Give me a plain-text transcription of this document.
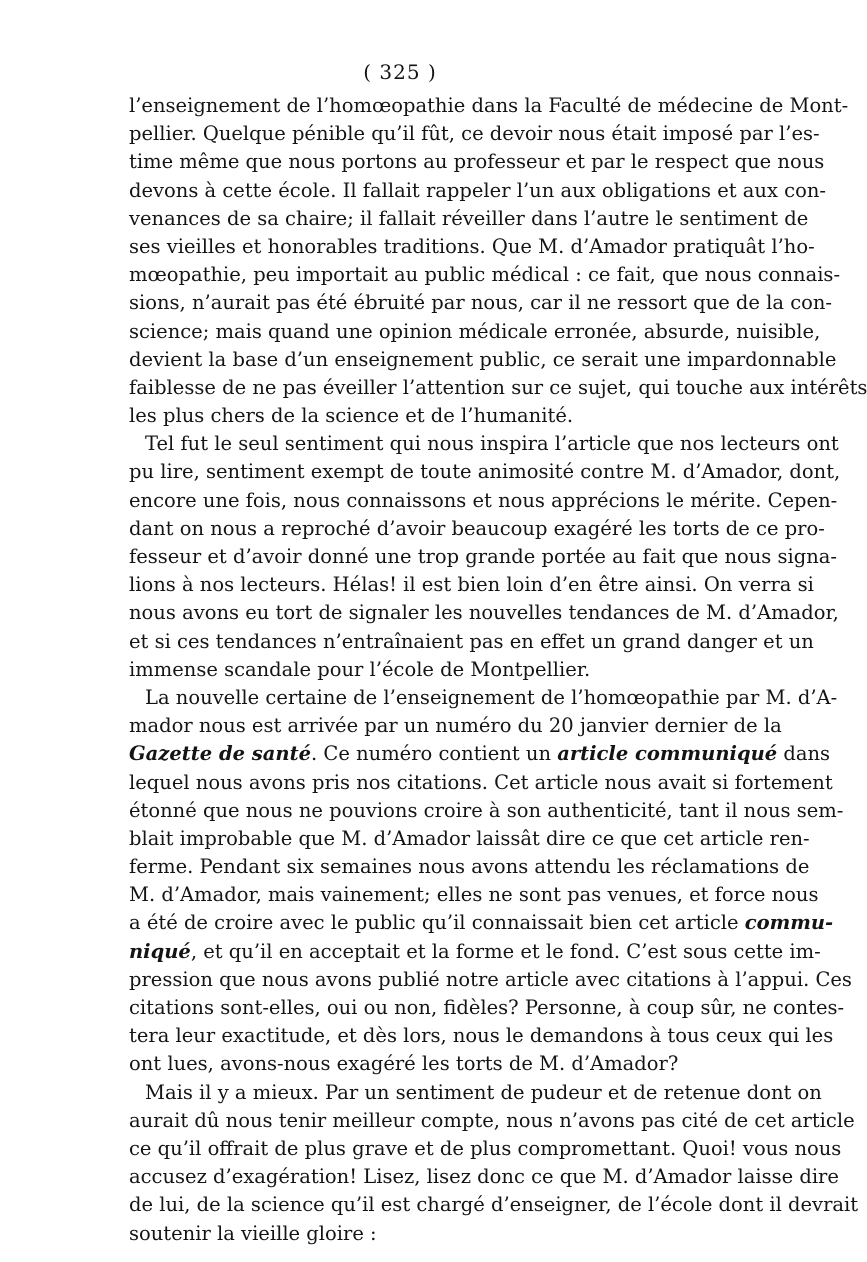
( 325 )
l’enseignement de l’homœopathie dans la Faculté de médecine de Mont-
pellier. Quelque pénible qu’il fût, ce devoir nous était imposé par l’es-
time même que nous portons au professeur et par le respect que nous
devons à cette école. Il fallait rappeler l’un aux obligations et aux con-
venances de sa chaire; il fallait réveiller dans l’autre le sentiment de
ses vieilles et honorables traditions. Que M. d’Amador pratiquât l’ho-
mœopathie, peu importait au public médical : ce fait, que nous connais-
sions, n’aurait pas été ébruité par nous, car il ne ressort que de la con-
science; mais quand une opinion médicale erronée, absurde, nuisible,
devient la base d’un enseignement public, ce serait une impardonnable
faiblesse de ne pas éveiller l’attention sur ce sujet, qui touche aux intérêts
les plus chers de la science et de l’humanité.
Tel fut le seul sentiment qui nous inspira l’article que nos lecteurs ont
pu lire, sentiment exempt de toute animosité contre M. d’Amador, dont,
encore une fois, nous connaissons et nous apprécions le mérite. Cepen-
dant on nous a reproché d’avoir beaucoup exagéré les torts de ce pro-
fesseur et d’avoir donné une trop grande portée au fait que nous signa-
lions à nos lecteurs. Hélas! il est bien loin d’en être ainsi. On verra si
nous avons eu tort de signaler les nouvelles tendances de M. d’Amador,
et si ces tendances n’entraînaient pas en effet un grand danger et un
immense scandale pour l’école de Montpellier.
La nouvelle certaine de l’enseignement de l’homœopathie par M. d’A-
mador nous est arrivée par un numéro du 20 janvier dernier de la
Gazette de santé. Ce numéro contient un article communiqué dans
lequel nous avons pris nos citations. Cet article nous avait si fortement
étonné que nous ne pouvions croire à son authenticité, tant il nous sem-
blait improbable que M. d’Amador laissât dire ce que cet article ren-
ferme. Pendant six semaines nous avons attendu les réclamations de
M. d’Amador, mais vainement; elles ne sont pas venues, et force nous
a été de croire avec le public qu’il connaissait bien cet article commu-
niqué, et qu’il en acceptait et la forme et le fond. C’est sous cette im-
pression que nous avons publié notre article avec citations à l’appui. Ces
citations sont-elles, oui ou non, fidèles? Personne, à coup sûr, ne contes-
tera leur exactitude, et dès lors, nous le demandons à tous ceux qui les
ont lues, avons-nous exagéré les torts de M. d’Amador?
Mais il y a mieux. Par un sentiment de pudeur et de retenue dont on
aurait dû nous tenir meilleur compte, nous n’avons pas cité de cet article
ce qu’il offrait de plus grave et de plus compromettant. Quoi! vous nous
accusez d’exagération! Lisez, lisez donc ce que M. d’Amador laisse dire
de lui, de la science qu’il est chargé d’enseigner, de l’école dont il devrait
soutenir la vieille gloire :
